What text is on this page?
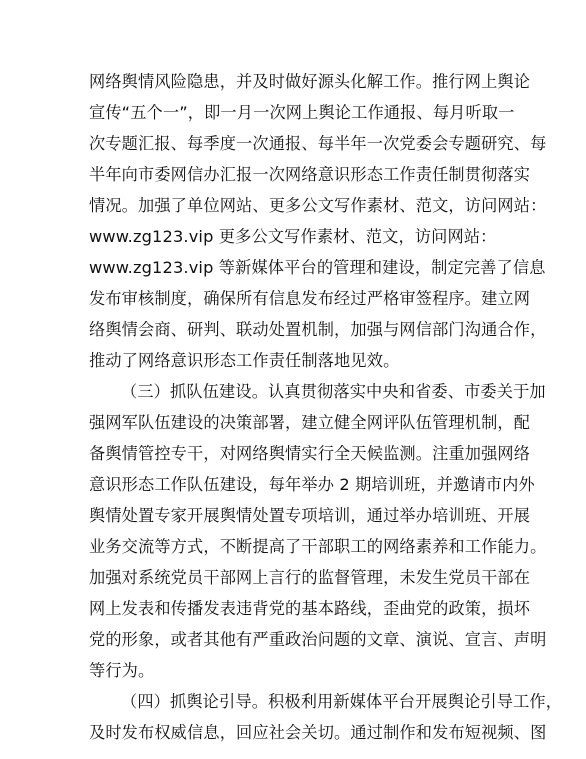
网络舆情风险隐患，并及时做好源头化解工作。推行网上舆论
宣传“五个一”，即一月一次网上舆论工作通报、每月听取一
次专题汇报、每季度一次通报、每半年一次党委会专题研究、每
半年向市委网信办汇报一次网络意识形态工作责任制贯彻落实
情况。加强了单位网站、更多公文写作素材、范文，访问网站：
www.zg123.vip 更多公文写作素材、范文，访问网站：
www.zg123.vip 等新媒体平台的管理和建设，制定完善了信息
发布审核制度，确保所有信息发布经过严格审签程序。建立网
络舆情会商、研判、联动处置机制，加强与网信部门沟通合作，
推动了网络意识形态工作责任制落地见效。
（三）抓队伍建设。认真贯彻落实中央和省委、市委关于加
强网军队伍建设的决策部署，建立健全网评队伍管理机制，配
备舆情管控专干，对网络舆情实行全天候监测。注重加强网络
意识形态工作队伍建设，每年举办 2 期培训班，并邀请市内外
舆情处置专家开展舆情处置专项培训，通过举办培训班、开展
业务交流等方式，不断提高了干部职工的网络素养和工作能力。
加强对系统党员干部网上言行的监督管理，未发生党员干部在
网上发表和传播发表违背党的基本路线，歪曲党的政策，损坏
党的形象，或者其他有严重政治问题的文章、演说、宣言、声明
等行为。
（四）抓舆论引导。积极利用新媒体平台开展舆论引导工作，
及时发布权威信息，回应社会关切。通过制作和发布短视频、图
